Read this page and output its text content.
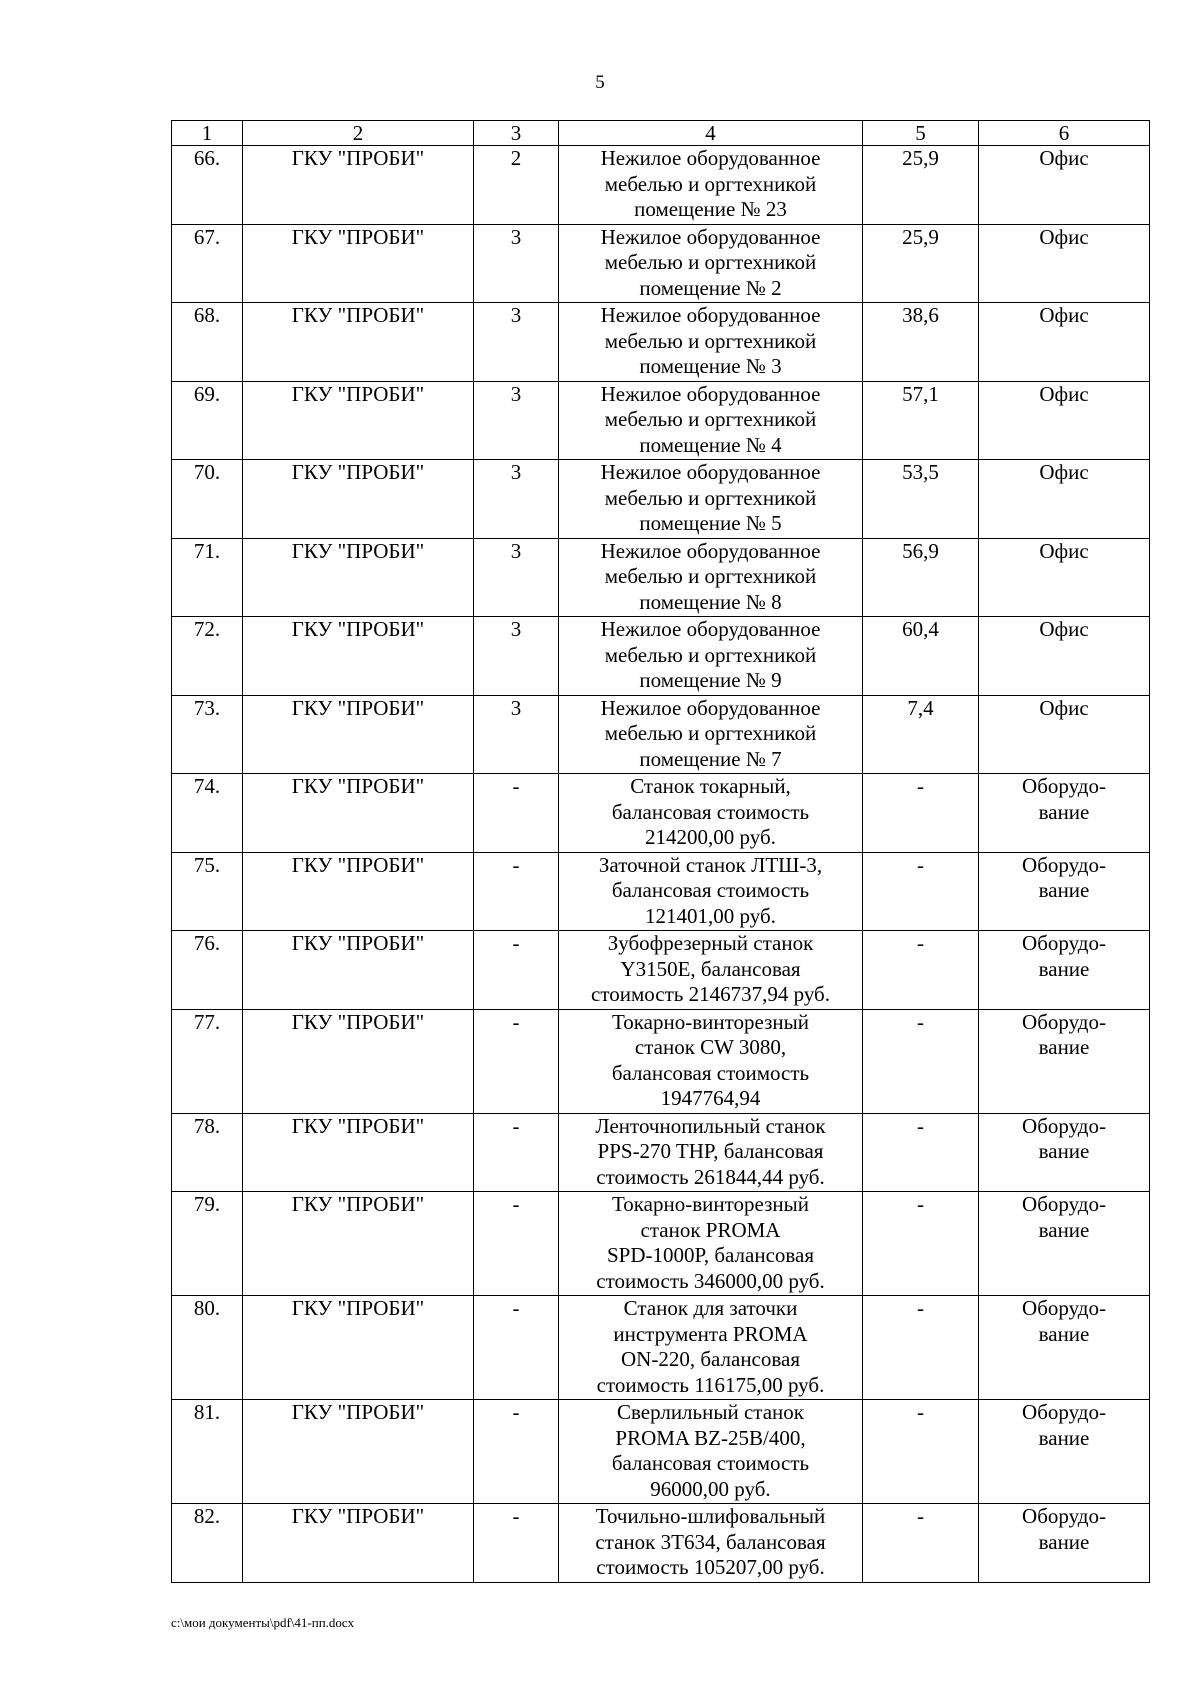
5
1	2	3	4	5	6
66.	ГКУ "ПРОБИ"	2	Нежилое оборудованное
мебелью и оргтехникой
помещение № 23	25,9	Офис

67.	ГКУ "ПРОБИ"	3	Нежилое оборудованное
мебелью и оргтехникой
помещение № 2	25,9	Офис

68.	ГКУ "ПРОБИ"	3	Нежилое оборудованное
мебелью и оргтехникой
помещение № 3	38,6	Офис

69.	ГКУ "ПРОБИ"	3	Нежилое оборудованное
мебелью и оргтехникой
помещение № 4	57,1	Офис

70.	ГКУ "ПРОБИ"	3	Нежилое оборудованное
мебелью и оргтехникой
помещение № 5	53,5	Офис

71.	ГКУ "ПРОБИ"	3	Нежилое оборудованное
мебелью и оргтехникой
помещение № 8	56,9	Офис

72.	ГКУ "ПРОБИ"	3	Нежилое оборудованное
мебелью и оргтехникой
помещение № 9	60,4	Офис

73.	ГКУ "ПРОБИ"	3	Нежилое оборудованное
мебелью и оргтехникой
помещение № 7	7,4	Офис

74.	ГКУ "ПРОБИ"	-	Станок токарный,
балансовая стоимость
214200,00 руб.	-	Оборудо-
вание

75.	ГКУ "ПРОБИ"	-	Заточной станок ЛТШ-3,
балансовая стоимость
121401,00 руб.	-	Оборудо-
вание

76.	ГКУ "ПРОБИ"	-	Зубофрезерный станок
Y3150E, балансовая
стоимость 2146737,94 руб.	-	Оборудо-
вание

77.	ГКУ "ПРОБИ"	-	Токарно-винторезный
станок CW 3080,
балансовая стоимость
1947764,94	-	Оборудо-
вание

78.	ГКУ "ПРОБИ"	-	Ленточнопильный станок
PPS-270 THP, балансовая
стоимость 261844,44 руб.	-	Оборудо-
вание

79.	ГКУ "ПРОБИ"	-	Токарно-винторезный
станок PROMA
SPD-1000P, балансовая
стоимость 346000,00 руб.	-	Оборудо-
вание

80.	ГКУ "ПРОБИ"	-	Станок для заточки
инструмента PROMA
ON-220, балансовая
стоимость 116175,00 руб.	-	Оборудо-
вание

81.	ГКУ "ПРОБИ"	-	Сверлильный станок
PROMA BZ-25B/400,
балансовая стоимость
96000,00 руб.	-	Оборудо-
вание

82.	ГКУ "ПРОБИ"	-	Точильно-шлифовальный
станок 3Т634, балансовая
стоимость 105207,00 руб.	-	Оборудо-
вание
c:\мои документы\pdf\41-пп.docx
